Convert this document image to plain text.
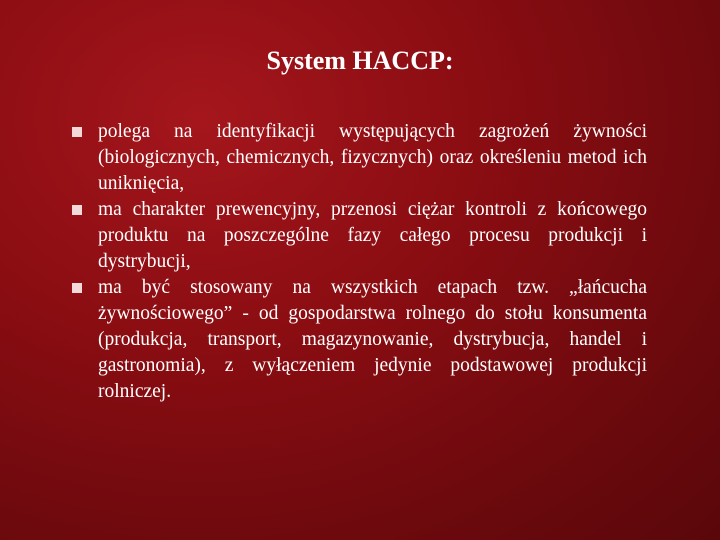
System HACCP:
polega na identyfikacji występujących zagrożeń żywności (biologicznych, chemicznych, fizycznych) oraz określeniu metod ich uniknięcia,
ma charakter prewencyjny, przenosi ciężar kontroli z końcowego produktu na poszczególne fazy całego procesu produkcji i dystrybucji,
ma być stosowany na wszystkich etapach tzw. „łańcucha żywnościowego” - od gospodarstwa rolnego do stołu konsumenta (produkcja, transport, magazynowanie, dystrybucja, handel i gastronomia), z wyłączeniem jedynie podstawowej produkcji rolniczej.
